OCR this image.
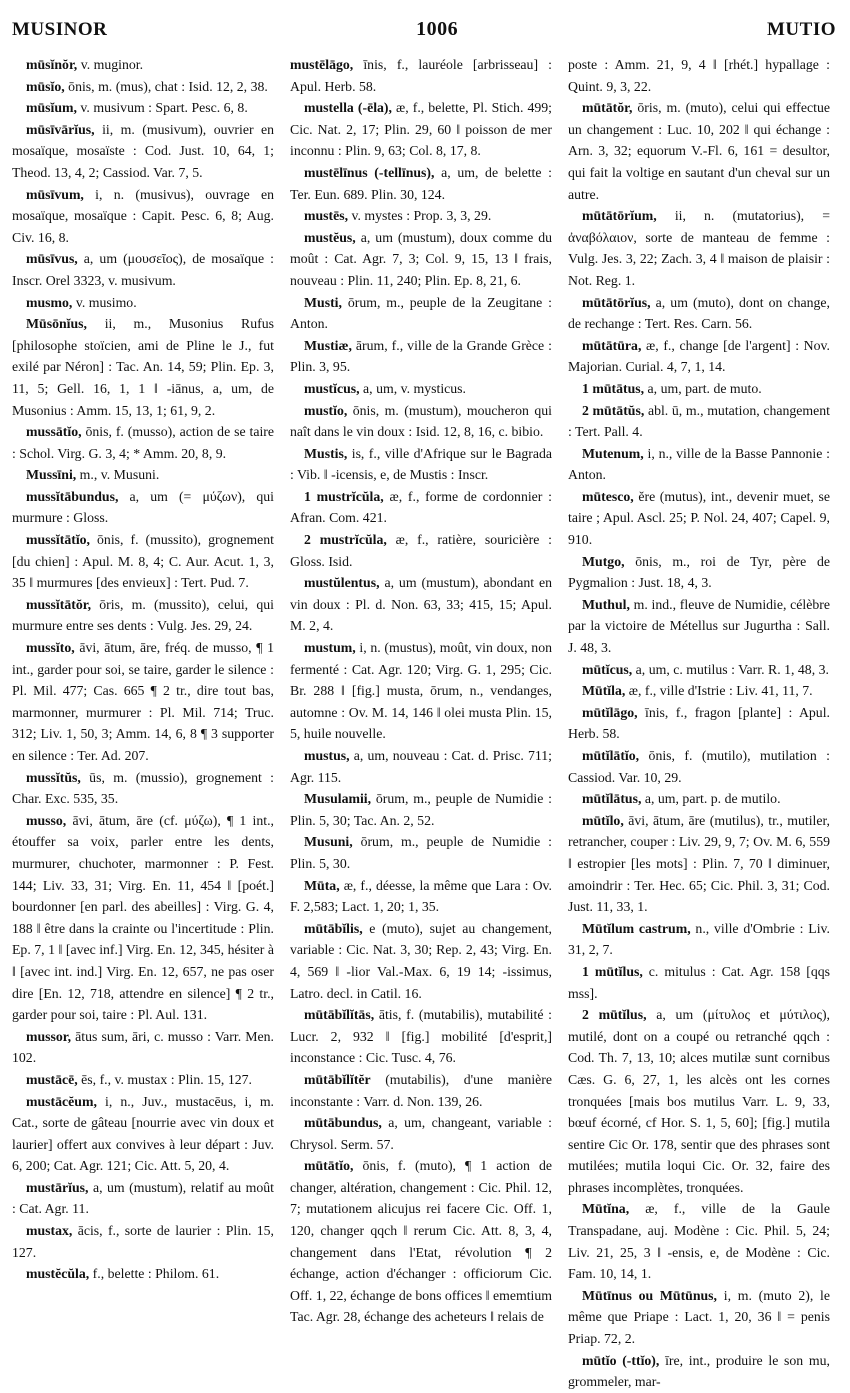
MUSINOR	1006	MUTIO

mūsĭnŏr, v. muginor.

mūsĭo, ōnis, m. (mus), chat : Isid. 12, 2, 38.

mūsĭum, v. musivum : Spart. Pesc. 6, 8.

mūsīvārĭus, ii, m. (musivum), ouvrier en mosaïque, mosaïste : Cod. Just. 10, 64, 1; Theod. 13, 4, 2; Cassiod. Var. 7, 5.

mūsīvum, i, n. (musivus), ouvrage en mosaïque, mosaïque : Capit. Pesc. 6, 8; Aug. Civ. 16, 8.

mūsīvus, a, um (μουσεῖος), de mosaïque : Inscr. Orel 3323, v. musivum.

musmo, v. musimo.

Mūsōnĭus, ii, m., Musonius Rufus [philosophe stoïcien, ami de Pline le J., fut exilé par Néron] : Tac. An. 14, 59; Plin. Ep. 3, 11, 5; Gell. 16, 1, 1 ‖ -iānus, a, um, de Musonius : Amm. 15, 13, 1; 61, 9, 2.

mussātĭo, ōnis, f. (musso), action de se taire : Schol. Virg. G. 3, 4; * Amm. 20, 8, 9.

Mussīni, m., v. Musuni.

mussĭtābundus, a, um (= μύζων), qui murmure : Gloss.

mussĭtātĭo, ōnis, f. (mussito), grognement [du chien] : Apul. M. 8, 4; C. Aur. Acut. 1, 3, 35 ‖ murmures [des envieux] : Tert. Pud. 7.

mussĭtātŏr, ōris, m. (mussito), celui, qui murmure entre ses dents : Vulg. Jes. 29, 24.

mussĭto, āvi, ātum, āre, fréq. de musso, ¶ 1 int., garder pour soi, se taire, garder le silence : Pl. Mil. 477; Cas. 665 ¶ 2 tr., dire tout bas, marmonner, murmurer : Pl. Mil. 714; Truc. 312; Liv. 1, 50, 3; Amm. 14, 6, 8 ¶ 3 supporter en silence : Ter. Ad. 207.

mussĭtŭs, ūs, m. (mussio), grognement : Char. Exc. 535, 35.

musso, āvi, ātum, āre (cf. μύζω), ¶ 1 int., étouffer sa voix, parler entre les dents, murmurer, chuchoter, marmonner : P. Fest. 144; Liv. 33, 31; Virg. En. 11, 454 ‖ [poét.] bourdonner [en parl. des abeilles] : Virg. G. 4, 188 ‖ être dans la crainte ou l'incertitude : Plin. Ep. 7, 1 ‖ [avec inf.] Virg. En. 12, 345, hésiter à ‖ [avec int. ind.] Virg. En. 12, 657, ne pas oser dire [En. 12, 718, attendre en silence] ¶ 2 tr., garder pour soi, taire : Pl. Aul. 131.

mussor, ātus sum, āri, c. musso : Varr. Men. 102.

mustācē, ēs, f., v. mustax : Plin. 15, 127.

mustācĕum, i, n., Juv., mustacēus, i, m. Cat., sorte de gâteau [nourrie avec vin doux et laurier] offert aux convives à leur départ : Juv. 6, 200; Cat. Agr. 121; Cic. Att. 5, 20, 4.

mustārĭus, a, um (mustum), relatif au moût : Cat. Agr. 11.

mustax, ācis, f., sorte de laurier : Plin. 15, 127.

mustĕcŭla, f., belette : Philom. 61.

mustēlāgo, īnis, f., lauréole [arbrisseau] : Apul. Herb. 58.

mustella (-ēla), æ, f., belette, Pl. Stich. 499; Cic. Nat. 2, 17; Plin. 29, 60 ‖ poisson de mer inconnu : Plin. 9, 63; Col. 8, 17, 8.

mustēlīnus (-tellīnus), a, um, de belette : Ter. Eun. 689. Plin. 30, 124.

mustēs, v. mystes : Prop. 3, 3, 29.

mustĕus, a, um (mustum), doux comme du moût : Cat. Agr. 7, 3; Col. 9, 15, 13 ‖ frais, nouveau : Plin. 11, 240; Plin. Ep. 8, 21, 6.

Musti, ōrum, m., peuple de la Zeugitane : Anton.

Mustiæ, ārum, f., ville de la Grande Grèce : Plin. 3, 95.

mustĭcus, a, um, v. mysticus.

mustĭo, ōnis, m. (mustum), moucheron qui naît dans le vin doux : Isid. 12, 8, 16, c. bibio.

Mustis, is, f., ville d'Afrique sur le Bagrada : Vib. ‖ -icensis, e, de Mustis : Inscr.

1 mustrĭcŭla, æ, f., forme de cordonnier : Afran. Com. 421.

2 mustrĭcŭla, æ, f., ratière, souricière : Gloss. Isid.

mustŭlentus, a, um (mustum), abondant en vin doux : Pl. d. Non. 63, 33; 415, 15; Apul. M. 2, 4.

mustum, i, n. (mustus), moût, vin doux, non fermenté : Cat. Agr. 120; Virg. G. 1, 295; Cic. Br. 288 ‖ [fig.] musta, ōrum, n., vendanges, automne : Ov. M. 14, 146 ‖ olei musta Plin. 15, 5, huile nouvelle.

mustus, a, um, nouveau : Cat. d. Prisc. 711; Agr. 115.

Musulamii, ōrum, m., peuple de Numidie : Plin. 5, 30; Tac. An. 2, 52.

Musuni, ōrum, m., peuple de Numidie : Plin. 5, 30.

Mūta, æ, f., déesse, la même que Lara : Ov. F. 2,583; Lact. 1, 20; 1, 35.

mūtābĭlis, e (muto), sujet au changement, variable : Cic. Nat. 3, 30; Rep. 2, 43; Virg. En. 4, 569 ‖ -lior Val.-Max. 6, 19 14; -issimus, Latro. decl. in Catil. 16.

mūtābĭlĭtās, ātis, f. (mutabilis), mutabilité : Lucr. 2, 932 ‖ [fig.] mobilité [d'esprit,] inconstance : Cic. Tusc. 4, 76.

mūtābĭlĭtĕr (mutabilis), d'une manière inconstante : Varr. d. Non. 139, 26.

mūtābundus, a, um, changeant, variable : Chrysol. Serm. 57.

mūtātĭo, ōnis, f. (muto), ¶ 1 action de changer, altération, changement : Cic. Phil. 12, 7; mutationem alicujus rei facere Cic. Off. 1, 120, changer qqch ‖ rerum Cic. Att. 8, 3, 4, changement dans l'Etat, révolution ¶ 2 échange, action d'échanger : officiorum Cic. Off. 1, 22, échange de bons offices ‖ ememtium Tac. Agr. 28, échange des acheteurs ‖ relais de

poste : Amm. 21, 9, 4 ‖ [rhét.] hypallage : Quint. 9, 3, 22.

mūtātŏr, ōris, m. (muto), celui qui effectue un changement : Luc. 10, 202 ‖ qui échange : Arn. 3, 32; equorum V.-Fl. 6, 161 = desultor, qui fait la voltige en sautant d'un cheval sur un autre.

mūtātōrĭum, ii, n. (mutatorius), = ἀναβόλαιον, sorte de manteau de femme : Vulg. Jes. 3, 22; Zach. 3, 4 ‖ maison de plaisir : Not. Reg. 1.

mūtātōrĭus, a, um (muto), dont on change, de rechange : Tert. Res. Carn. 56.

mūtātūra, æ, f., change [de l'argent] : Nov. Majorian. Curial. 4, 7, 1, 14.

1 mūtātus, a, um, part. de muto.

2 mūtātŭs, abl. ū, m., mutation, changement : Tert. Pall. 4.

Mutenum, i, n., ville de la Basse Pannonie : Anton.

mūtesco, ĕre (mutus), int., devenir muet, se taire ; Apul. Ascl. 25; P. Nol. 24, 407; Capel. 9, 910.

Mutgo, ōnis, m., roi de Tyr, père de Pygmalion : Just. 18, 4, 3.

Muthul, m. ind., fleuve de Numidie, célèbre par la victoire de Métellus sur Jugurtha : Sall. J. 48, 3.

mūtĭcus, a, um, c. mutilus : Varr. R. 1, 48, 3.

Mūtĭla, æ, f., ville d'Istrie : Liv. 41, 11, 7.

mūtĭlāgo, īnis, f., fragon [plante] : Apul. Herb. 58.

mūtĭlātĭo, ōnis, f. (mutilo), mutilation : Cassiod. Var. 10, 29.

mūtĭlātus, a, um, part. p. de mutilo.

mūtĭlo, āvi, ātum, āre (mutilus), tr., mutiler, retrancher, couper : Liv. 29, 9, 7; Ov. M. 6, 559 ‖ estropier [les mots] : Plin. 7, 70 ‖ diminuer, amoindrir : Ter. Hec. 65; Cic. Phil. 3, 31; Cod. Just. 11, 33, 1.

Mūtĭlum castrum, n., ville d'Ombrie : Liv. 31, 2, 7.

1 mūtĭlus, c. mitulus : Cat. Agr. 158 [qqs mss].

2 mūtĭlus, a, um (μίτυλος et μύτιλος), mutilé, dont on a coupé ou retranché qqch : Cod. Th. 7, 13, 10; alces mutilæ sunt cornibus Cæs. G. 6, 27, 1, les alcès ont les cornes tronquées [mais bos mutilus Varr. L. 9, 33, bœuf écorné, cf Hor. S. 1, 5, 60]; [fig.] mutila sentire Cic Or. 178, sentir que des phrases sont mutilées; mutila loqui Cic. Or. 32, faire des phrases incomplètes, tronquées.

Mūtĭna, æ, f., ville de la Gaule Transpadane, auj. Modène : Cic. Phil. 5, 24; Liv. 21, 25, 3 ‖ -ensis, e, de Modène : Cic. Fam. 10, 14, 1.

Mūtīnus ou Mūtūnus, i, m. (muto 2), le même que Priape : Lact. 1, 20, 36 ‖ = penis Priap. 72, 2.

mūtĭo (-ttĭo), īre, int., produire le son mu, grommeler, mar-
